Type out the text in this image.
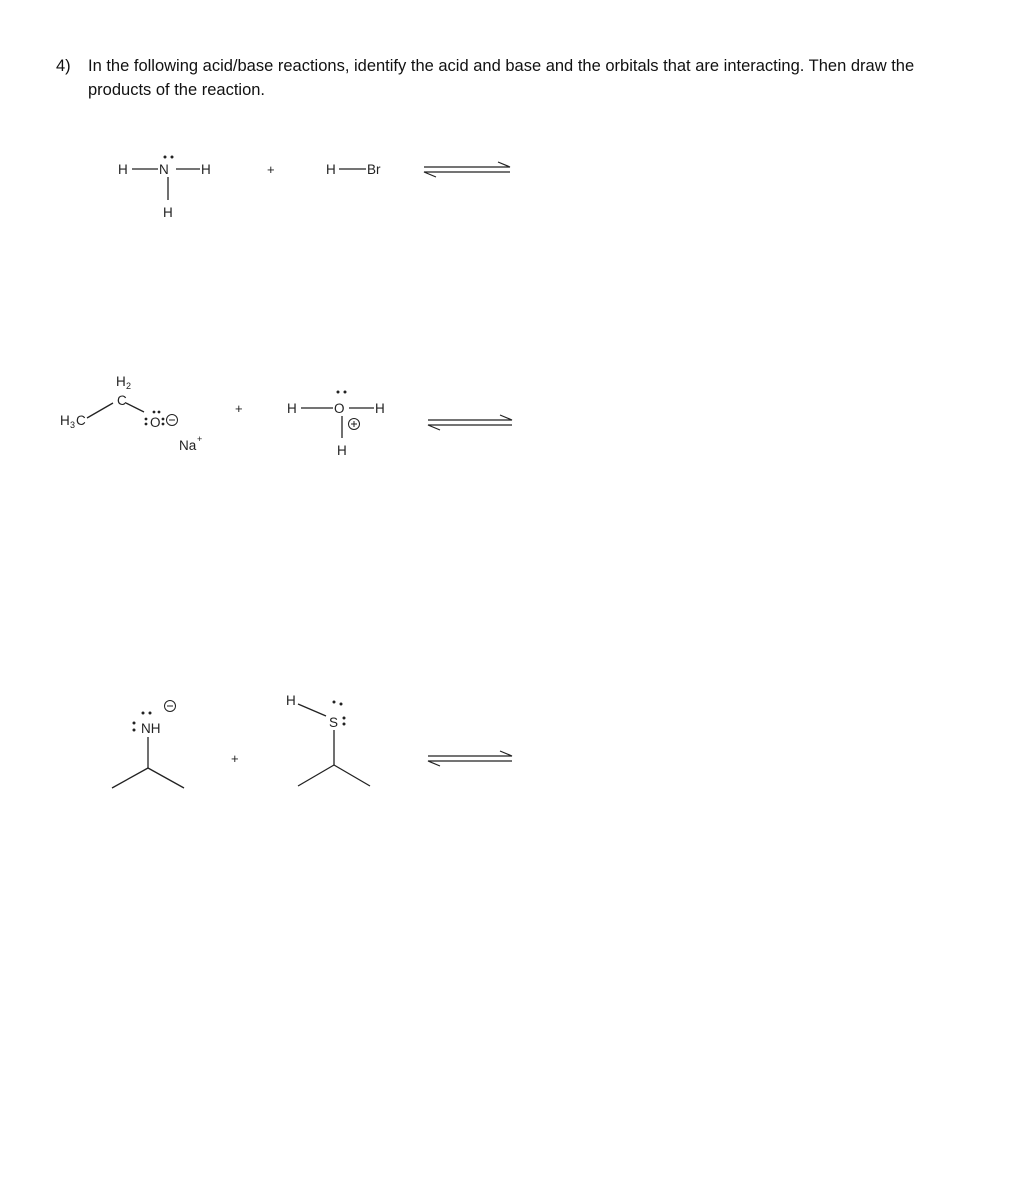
4) In the following acid/base reactions, identify the acid and base and the orbitals that are interacting. Then draw the products of the reaction.
H N H
H
+	H Br
H 3 C
H 2
C
O
Na +
+	H	O H
H
NH
+
H
S
